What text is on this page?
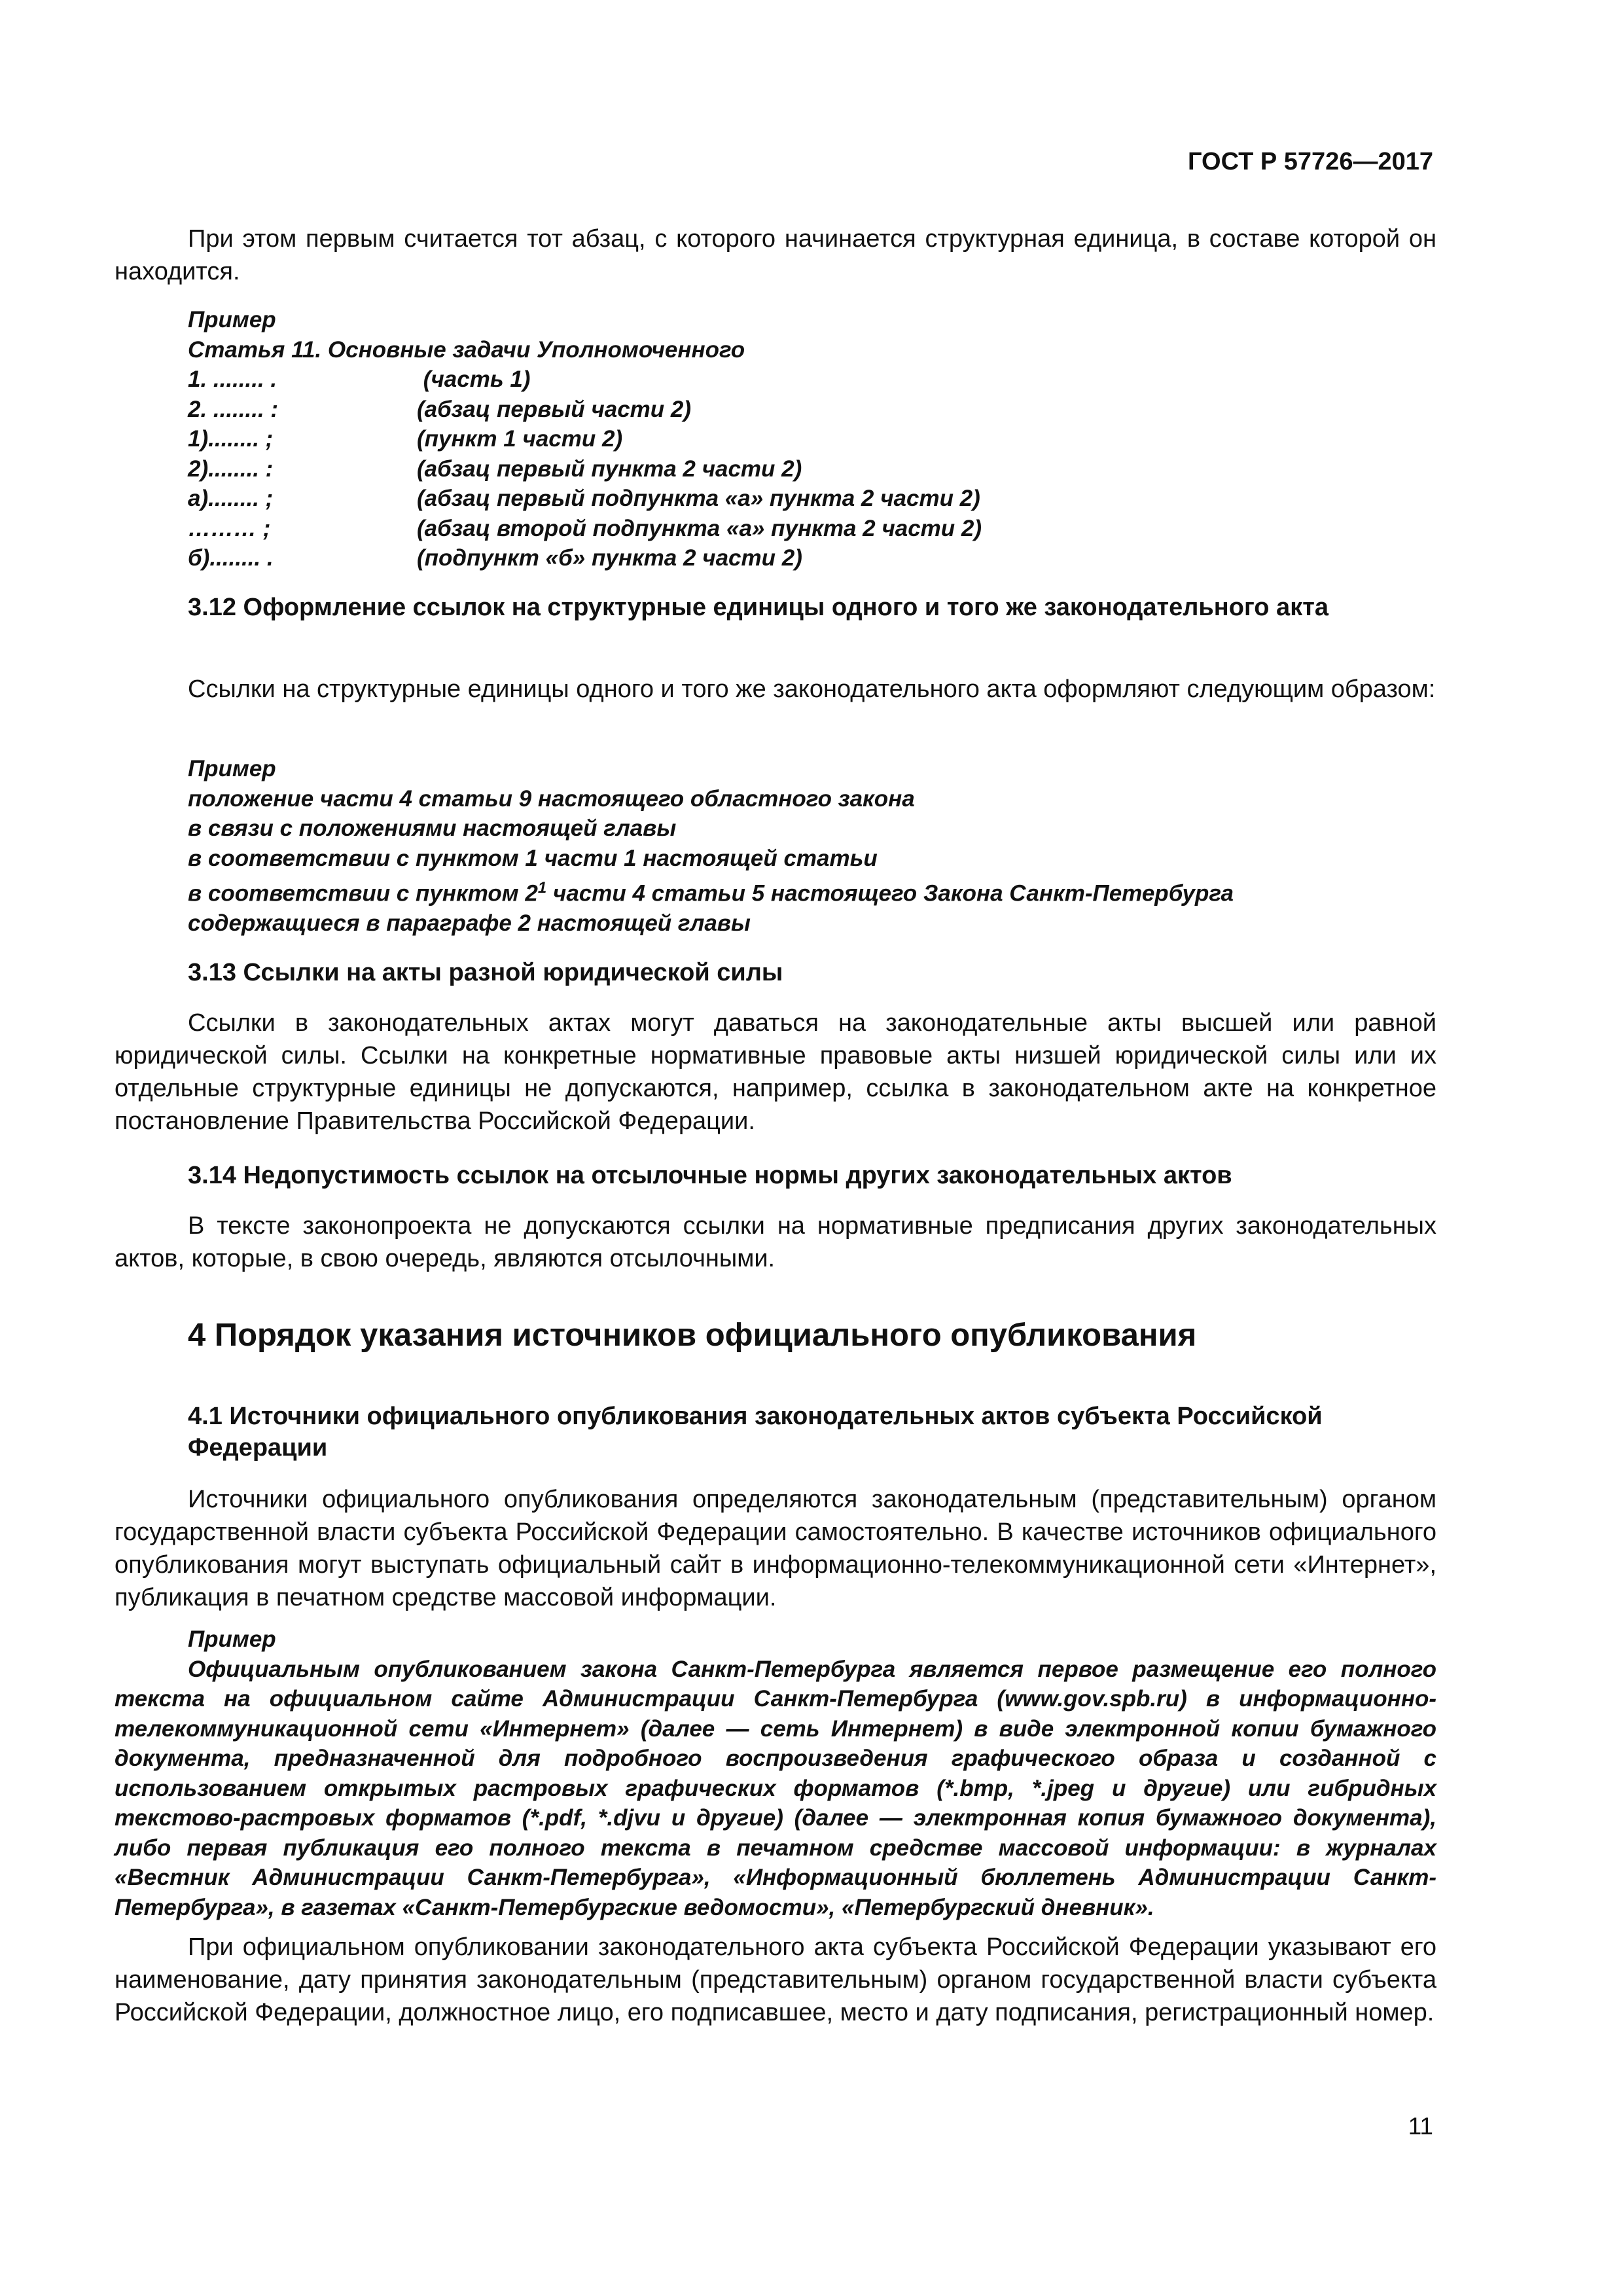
ГОСТ Р 57726—2017

При этом первым считается тот абзац, с которого начинается структурная единица, в составе которой он находится.

Пример
Статья 11. Основные задачи Уполномоченного
1. ........ .	(часть 1)
2. ........ :	(абзац первый части 2)
1)........ ;	(пункт 1 части 2)
2)........ :	(абзац первый пункта 2 части 2)
а)........ ;	(абзац первый подпункта «а» пункта 2 части 2)
……… ;	(абзац второй подпункта «а» пункта 2 части 2)
б)........ .	(подпункт «б» пункта 2 части 2)
3.12 Оформление ссылок на структурные единицы одного и того же законодательного акта

Ссылки на структурные единицы одного и того же законодательного акта оформляют следующим образом:

Пример
положение части 4 статьи 9 настоящего областного закона
в связи с положениями настоящей главы
в соответствии с пунктом 1 части 1 настоящей статьи
в соответствии с пунктом $2^1$ части 4 статьи 5 настоящего Закона Санкт-Петербурга
содержащиеся в параграфе 2 настоящей главы
3.13 Ссылки на акты разной юридической силы

Ссылки в законодательных актах могут даваться на законодательные акты высшей или равной юридической силы. Ссылки на конкретные нормативные правовые акты низшей юридической силы или их отдельные структурные единицы не допускаются, например, ссылка в законодательном акте на конкретное постановление Правительства Российской Федерации.

3.14 Недопустимость ссылок на отсылочные нормы других законодательных актов

В тексте законопроекта не допускаются ссылки на нормативные предписания других законодательных актов, которые, в свою очередь, являются отсылочными.

4 Порядок указания источников официального опубликования
4.1 Источники официального опубликования законодательных актов субъекта Российской Федерации

Источники официального опубликования определяются законодательным (представительным) органом государственной власти субъекта Российской Федерации самостоятельно. В качестве источников официального опубликования могут выступать официальный сайт в информационно-телекоммуникационной сети «Интернет», публикация в печатном средстве массовой информации.

Пример
Официальным опубликованием закона Санкт-Петербурга является первое размещение его полного текста на официальном сайте Администрации Санкт-Петербурга (www.gov.spb.ru) в информационно-телекоммуникационной сети «Интернет» (далее — сеть Интернет) в виде электронной копии бумажного документа, предназначенной для подробного воспроизведения графического образа и созданной с использованием открытых растровых графических форматов (*.bmp, *.jpeg и другие) или гибридных текстово-растровых форматов (*.pdf, *.djvu и другие) (далее — электронная копия бумажного документа), либо первая публикация его полного текста в печатном средстве массовой информации: в журналах «Вестник Администрации Санкт-Петербурга», «Информационный бюллетень Администрации Санкт-Петербурга», в газетах «Санкт-Петербургские ведомости», «Петербургский дневник».

При официальном опубликовании законодательного акта субъекта Российской Федерации указывают его наименование, дату принятия законодательным (представительным) органом государственной власти субъекта Российской Федерации, должностное лицо, его подписавшее, место и дату подписания, регистрационный номер.

11
